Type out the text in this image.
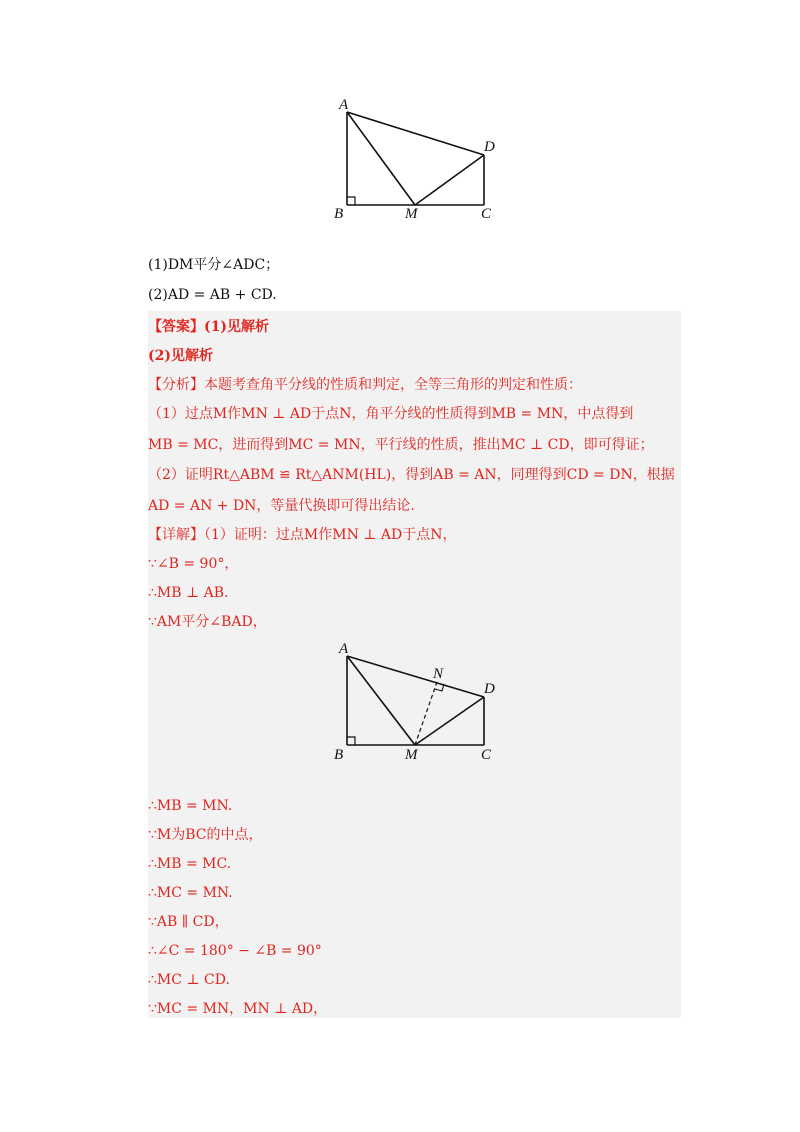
A
D
B	M	C
(1)DM平分∠ADC；
(2)AD = AB + CD.
【答案】(1)见解析
(2)见解析
【分析】本题考查角平分线的性质和判定，全等三角形的判定和性质：
（1）过点M作MN ⊥ AD于点N，角平分线的性质得到MB = MN，中点得到
MB = MC，进而得到MC = MN，平行线的性质，推出MC ⊥ CD，即可得证；
（2）证明Rt△ABM ≌ Rt△ANM(HL)，得到AB = AN，同理得到CD = DN，根据
AD = AN + DN，等量代换即可得出结论.
【详解】（1）证明：过点M作MN ⊥ AD于点N，
∵∠B = 90°，
∴MB ⊥ AB.
∵AM平分∠BAD，
A
N
D
B	M	C
∴MB = MN.
∵M为BC的中点，
∴MB = MC.
∴MC = MN.
∵AB ∥ CD，
∴∠C = 180° − ∠B = 90°
∴MC ⊥ CD.
∵MC = MN，MN ⊥ AD，
